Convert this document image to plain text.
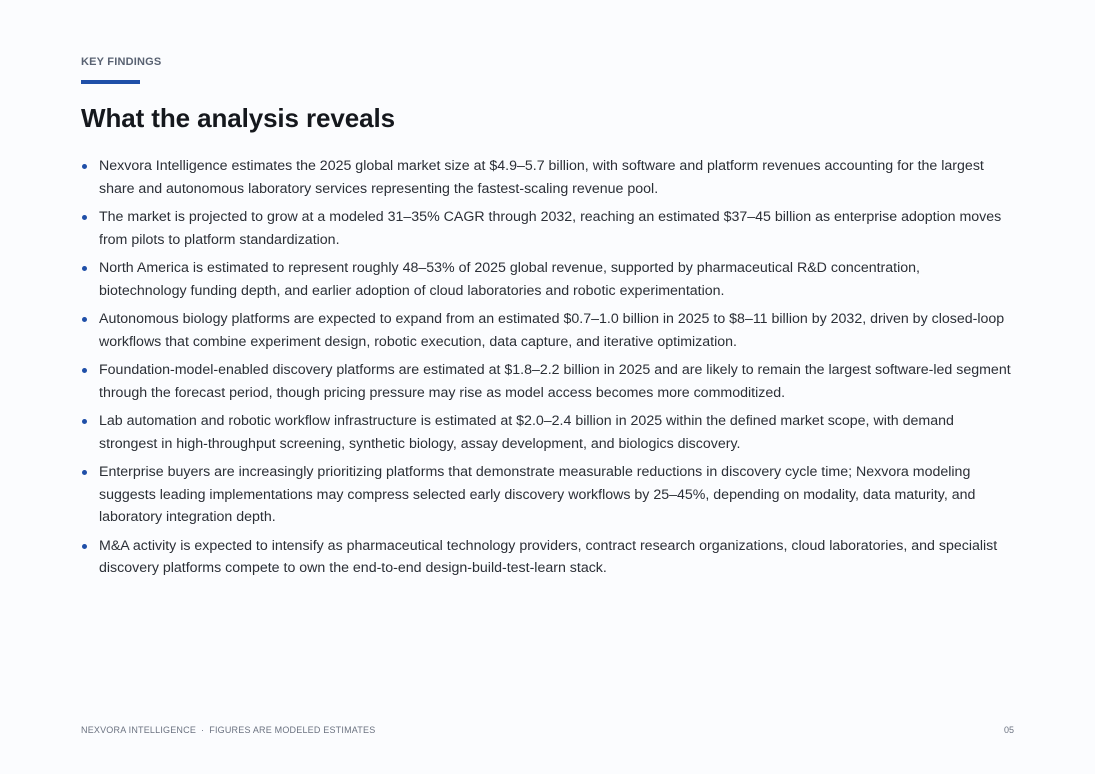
KEY FINDINGS
What the analysis reveals
Nexvora Intelligence estimates the 2025 global market size at $4.9–5.7 billion, with software and platform revenues accounting for the largest share and autonomous laboratory services representing the fastest-scaling revenue pool.
The market is projected to grow at a modeled 31–35% CAGR through 2032, reaching an estimated $37–45 billion as enterprise adoption moves from pilots to platform standardization.
North America is estimated to represent roughly 48–53% of 2025 global revenue, supported by pharmaceutical R&D concentration, biotechnology funding depth, and earlier adoption of cloud laboratories and robotic experimentation.
Autonomous biology platforms are expected to expand from an estimated $0.7–1.0 billion in 2025 to $8–11 billion by 2032, driven by closed-loop workflows that combine experiment design, robotic execution, data capture, and iterative optimization.
Foundation-model-enabled discovery platforms are estimated at $1.8–2.2 billion in 2025 and are likely to remain the largest software-led segment through the forecast period, though pricing pressure may rise as model access becomes more commoditized.
Lab automation and robotic workflow infrastructure is estimated at $2.0–2.4 billion in 2025 within the defined market scope, with demand strongest in high-throughput screening, synthetic biology, assay development, and biologics discovery.
Enterprise buyers are increasingly prioritizing platforms that demonstrate measurable reductions in discovery cycle time; Nexvora modeling suggests leading implementations may compress selected early discovery workflows by 25–45%, depending on modality, data maturity, and laboratory integration depth.
M&A activity is expected to intensify as pharmaceutical technology providers, contract research organizations, cloud laboratories, and specialist discovery platforms compete to own the end-to-end design-build-test-learn stack.
NEXVORA INTELLIGENCE · FIGURES ARE MODELED ESTIMATES	05
